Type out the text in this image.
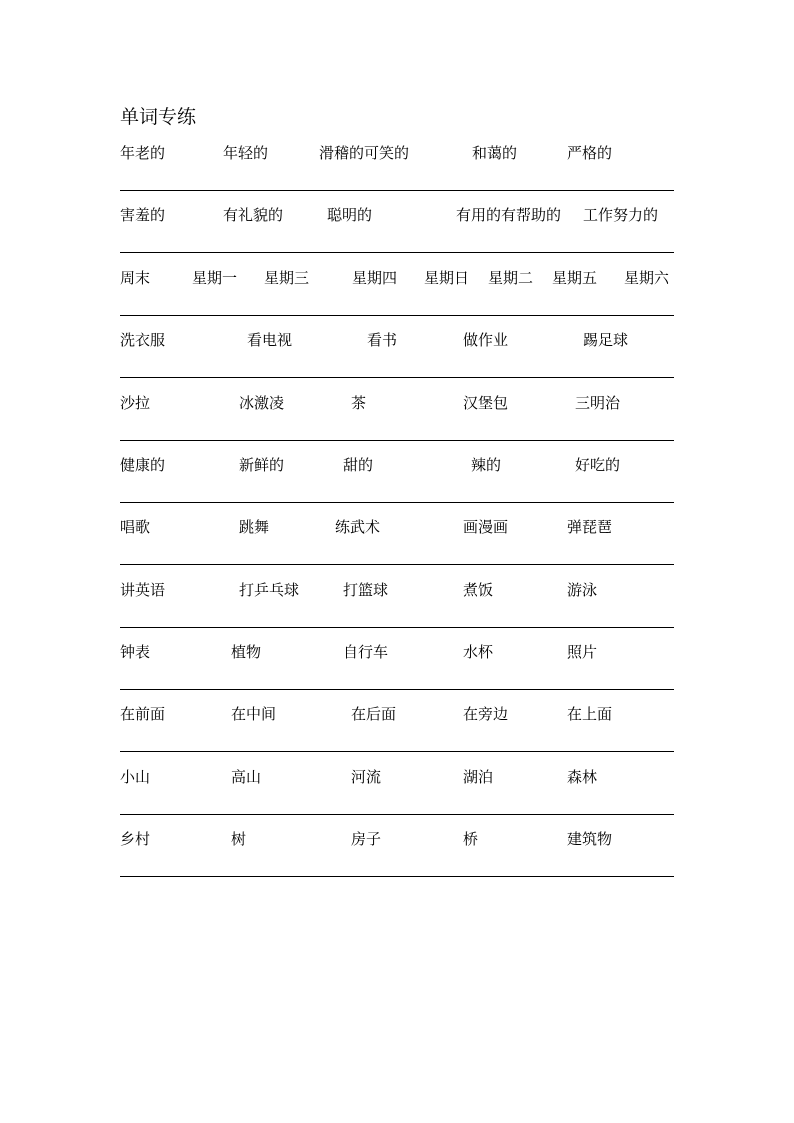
单词专练
年老的	年轻的	滑稽的可笑的	和蔼的	严格的
害羞的	有礼貌的	聪明的	有用的有帮助的 工作努力的
周末	星期一 星期三	星期四 星期日 星期二 星期五 星期六
洗衣服	看电视	看书	做作业	踢足球
沙拉	冰激凌	茶	汉堡包	三明治
健康的	新鲜的	甜的	辣的	好吃的
唱歌	跳舞	练武术	画漫画	弹琵琶
讲英语	打乒乓球	打篮球	煮饭	游泳
钟表	植物	自行车	水杯	照片
在前面	在中间	在后面	在旁边	在上面
小山	高山	河流	湖泊	森林
乡村	树	房子	桥	建筑物
